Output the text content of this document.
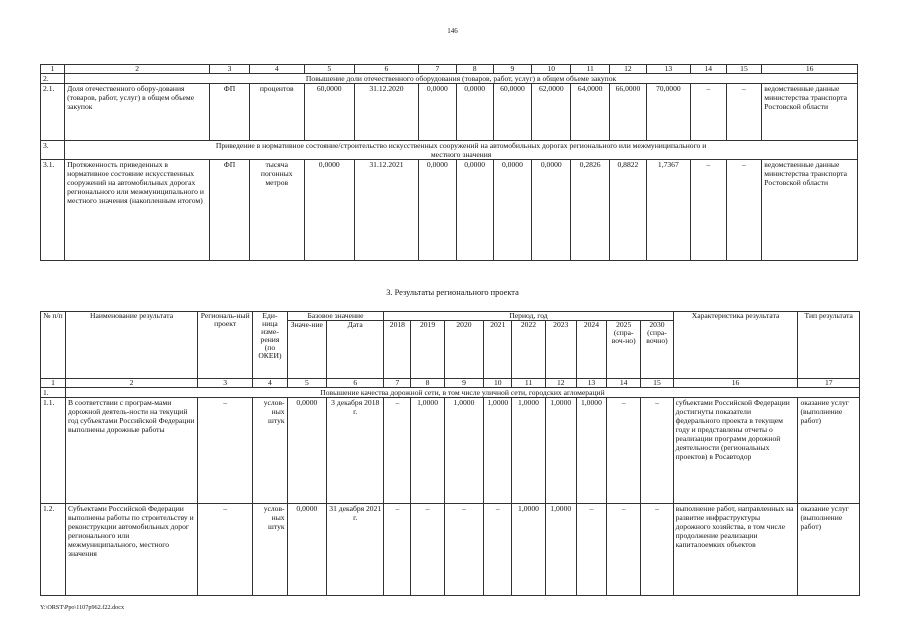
146
1	2	3	4	5	6	7	8	9	10	11	12	13	14	15	16
2.	Повышение доли отечественного оборудования (товаров, работ, услуг) в общем объеме закупок														
2.1.	Доля отечественного обору-дования (товаров, работ, услуг) в общем объеме закупок	ФП	процентов	60,0000	31.12.2020	0,0000	0,0000	60,0000	62,0000	64,0000	66,0000	70,0000	–	–	ведомственные данные министерства транспорта Ростовской области
3.	Приведение в нормативное состояние/строительство искусственных сооружений на автомобильных дорогах регионального или межмуниципального и местного значения														
3.1.	Протяженность приведенных в нормативное состояние искусственных сооружений на автомобильных дорогах регионального или межмуниципального и местного значения (накопленным итогом)	ФП	тысяча погонных метров	0,0000	31.12.2021	0,0000	0,0000	0,0000	0,0000	0,2826	0,8822	1,7367	–	–	ведомственные данные министерства транспорта Ростовской области
3. Результаты регионального проекта
№ п/п	Наименование результата	Региональ-ный проект	Еди-ница изме-рения (по ОКЕИ)	Базовое значение		Период, год									Характеристика результата	Тип результата
				Значе-ние	Дата	2018	2019	2020	2021	2022	2023	2024	2025 (спра-воч-но)	2030 (спра-вочно)		
1	2	3	4	5	6	7	8	9	10	11	12	13	14	15	16	17
1.	Повышение качества дорожной сети, в том числе уличной сети, городских агломераций															
1.1.	В соответствии с програм-мами дорожной деятель-ности на текущий год субъектами Российской Федерации выполнены дорожные работы	–	услов-ных штук	0,0000	3 декабря 2018 г.	–	1,0000	1,0000	1,0000	1,0000	1,0000	1,0000	–	–	субъектами Российской Федерации достигнуты показатели федерального проекта в текущем году и представлены отчеты о реализации программ дорожной деятельности (региональных проектов) в Росавтодор	оказание услуг (выполнение работ)
1.2.	Субъектами Российской Федерации выполнены работы по строительству и реконструкции автомобильных дорог регионального или межмуниципального, местного значения	–	услов-ных штук	0,0000	31 декабря 2021 г.	–	–	–	–	1,0000	1,0000	–	–	–	выполнение работ, направленных на развитие инфраструктуры дорожного хозяйства, в том числе продолжение реализации капиталоемких объектов	оказание услуг (выполнение работ)
Y:\ORST\Ppo\1107p962.f22.docx
